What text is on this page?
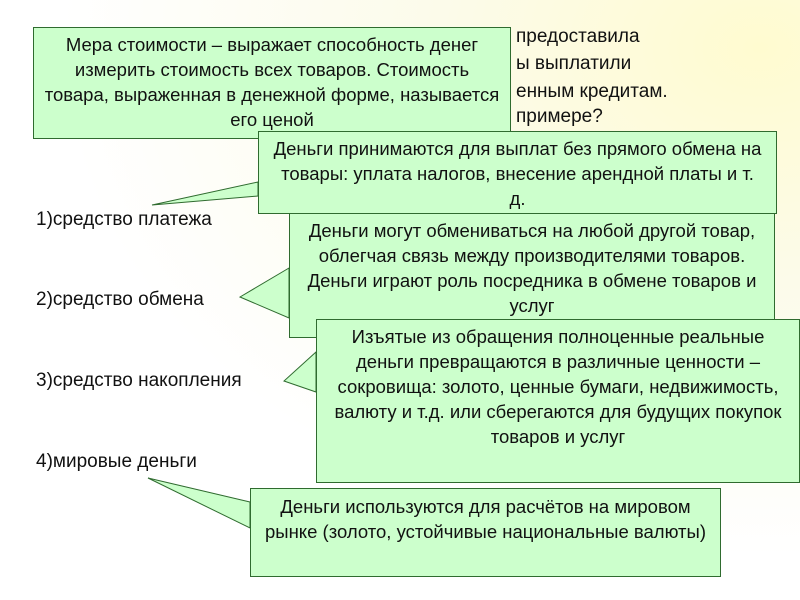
предоставила
ы выплатили
енным кредитам.
примере?
1)средство платежа
2)средство обмена
3)средство накопления
4)мировые деньги

Мера стоимости – выражает способность денег измерить стоимость всех товаров. Стоимость товара, выраженная в денежной форме, называется его ценой

Деньги принимаются для выплат без прямого обмена на товары: уплата налогов, внесение арендной платы и т. д.

Деньги могут обмениваться на любой другой товар, облегчая связь между производителями товаров. Деньги играют роль посредника в обмене товаров и услуг

Изъятые из обращения полноценные реальные деньги превращаются в различные ценности –сокровища: золото, ценные бумаги, недвижимость, валюту и т.д. или сберегаются для будущих покупок товаров и услуг

Деньги используются для расчётов на мировом рынке (золото, устойчивые национальные валюты)
